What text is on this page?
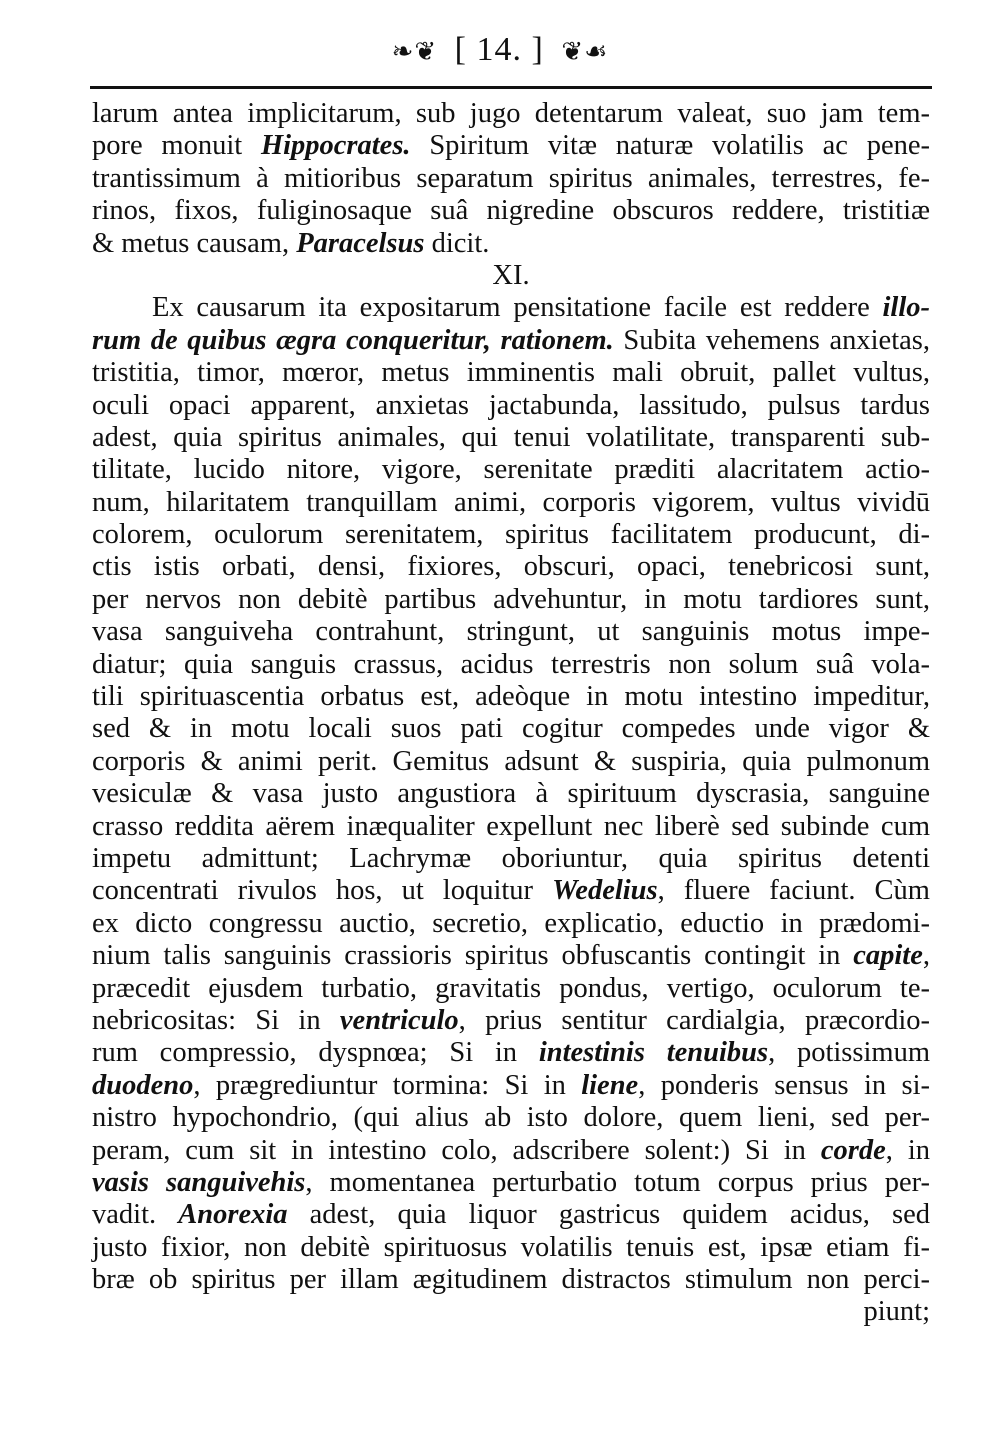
❧❦ [ 14. ] ❦☙
larum antea implicitarum, sub jugo detentarum valeat, suo jam tem-
pore monuit Hippocrates. Spiritum vitæ naturæ volatilis ac pene-
trantissimum à mitioribus separatum spiritus animales, terrestres, fe-
rinos, fixos, fuliginosaque suâ nigredine obscuros reddere, tristitiæ
& metus causam, Paracelsus dicit.
XI.
Ex causarum ita expositarum pensitatione facile est reddere illo-
rum de quibus ægra conqueritur, rationem. Subita vehemens anxietas,
tristitia, timor, mœror, metus imminentis mali obruit, pallet vultus,
oculi opaci apparent, anxietas jactabunda, lassitudo, pulsus tardus
adest, quia spiritus animales, qui tenui volatilitate, transparenti sub-
tilitate, lucido nitore, vigore, serenitate præditi alacritatem actio-
num, hilaritatem tranquillam animi, corporis vigorem, vultus vividū
colorem, oculorum serenitatem, spiritus facilitatem producunt, di-
ctis istis orbati, densi, fixiores, obscuri, opaci, tenebricosi sunt,
per nervos non debitè partibus advehuntur, in motu tardiores sunt,
vasa sanguiveha contrahunt, stringunt, ut sanguinis motus impe-
diatur; quia sanguis crassus, acidus terrestris non solum suâ vola-
tili spirituascentia orbatus est, adeòque in motu intestino impeditur,
sed & in motu locali suos pati cogitur compedes unde vigor &
corporis & animi perit. Gemitus adsunt & suspiria, quia pulmonum
vesiculæ & vasa justo angustiora à spirituum dyscrasia, sanguine
crasso reddita aërem inæqualiter expellunt nec liberè sed subinde cum
impetu admittunt; Lachrymæ oboriuntur, quia spiritus detenti
concentrati rivulos hos, ut loquitur Wedelius, fluere faciunt. Cùm
ex dicto congressu auctio, secretio, explicatio, eductio in prædomi-
nium talis sanguinis crassioris spiritus obfuscantis contingit in capite,
præcedit ejusdem turbatio, gravitatis pondus, vertigo, oculorum te-
nebricositas: Si in ventriculo, prius sentitur cardialgia, præcordio-
rum compressio, dyspnœa; Si in intestinis tenuibus, potissimum
duodeno, prægrediuntur tormina: Si in liene, ponderis sensus in si-
nistro hypochondrio, (qui alius ab isto dolore, quem lieni, sed per-
peram, cum sit in intestino colo, adscribere solent:) Si in corde, in
vasis sanguivehis, momentanea perturbatio totum corpus prius per-
vadit. Anorexia adest, quia liquor gastricus quidem acidus, sed
justo fixior, non debitè spirituosus volatilis tenuis est, ipsæ etiam fi-
bræ ob spiritus per illam ægitudinem distractos stimulum non perci-
piunt;
